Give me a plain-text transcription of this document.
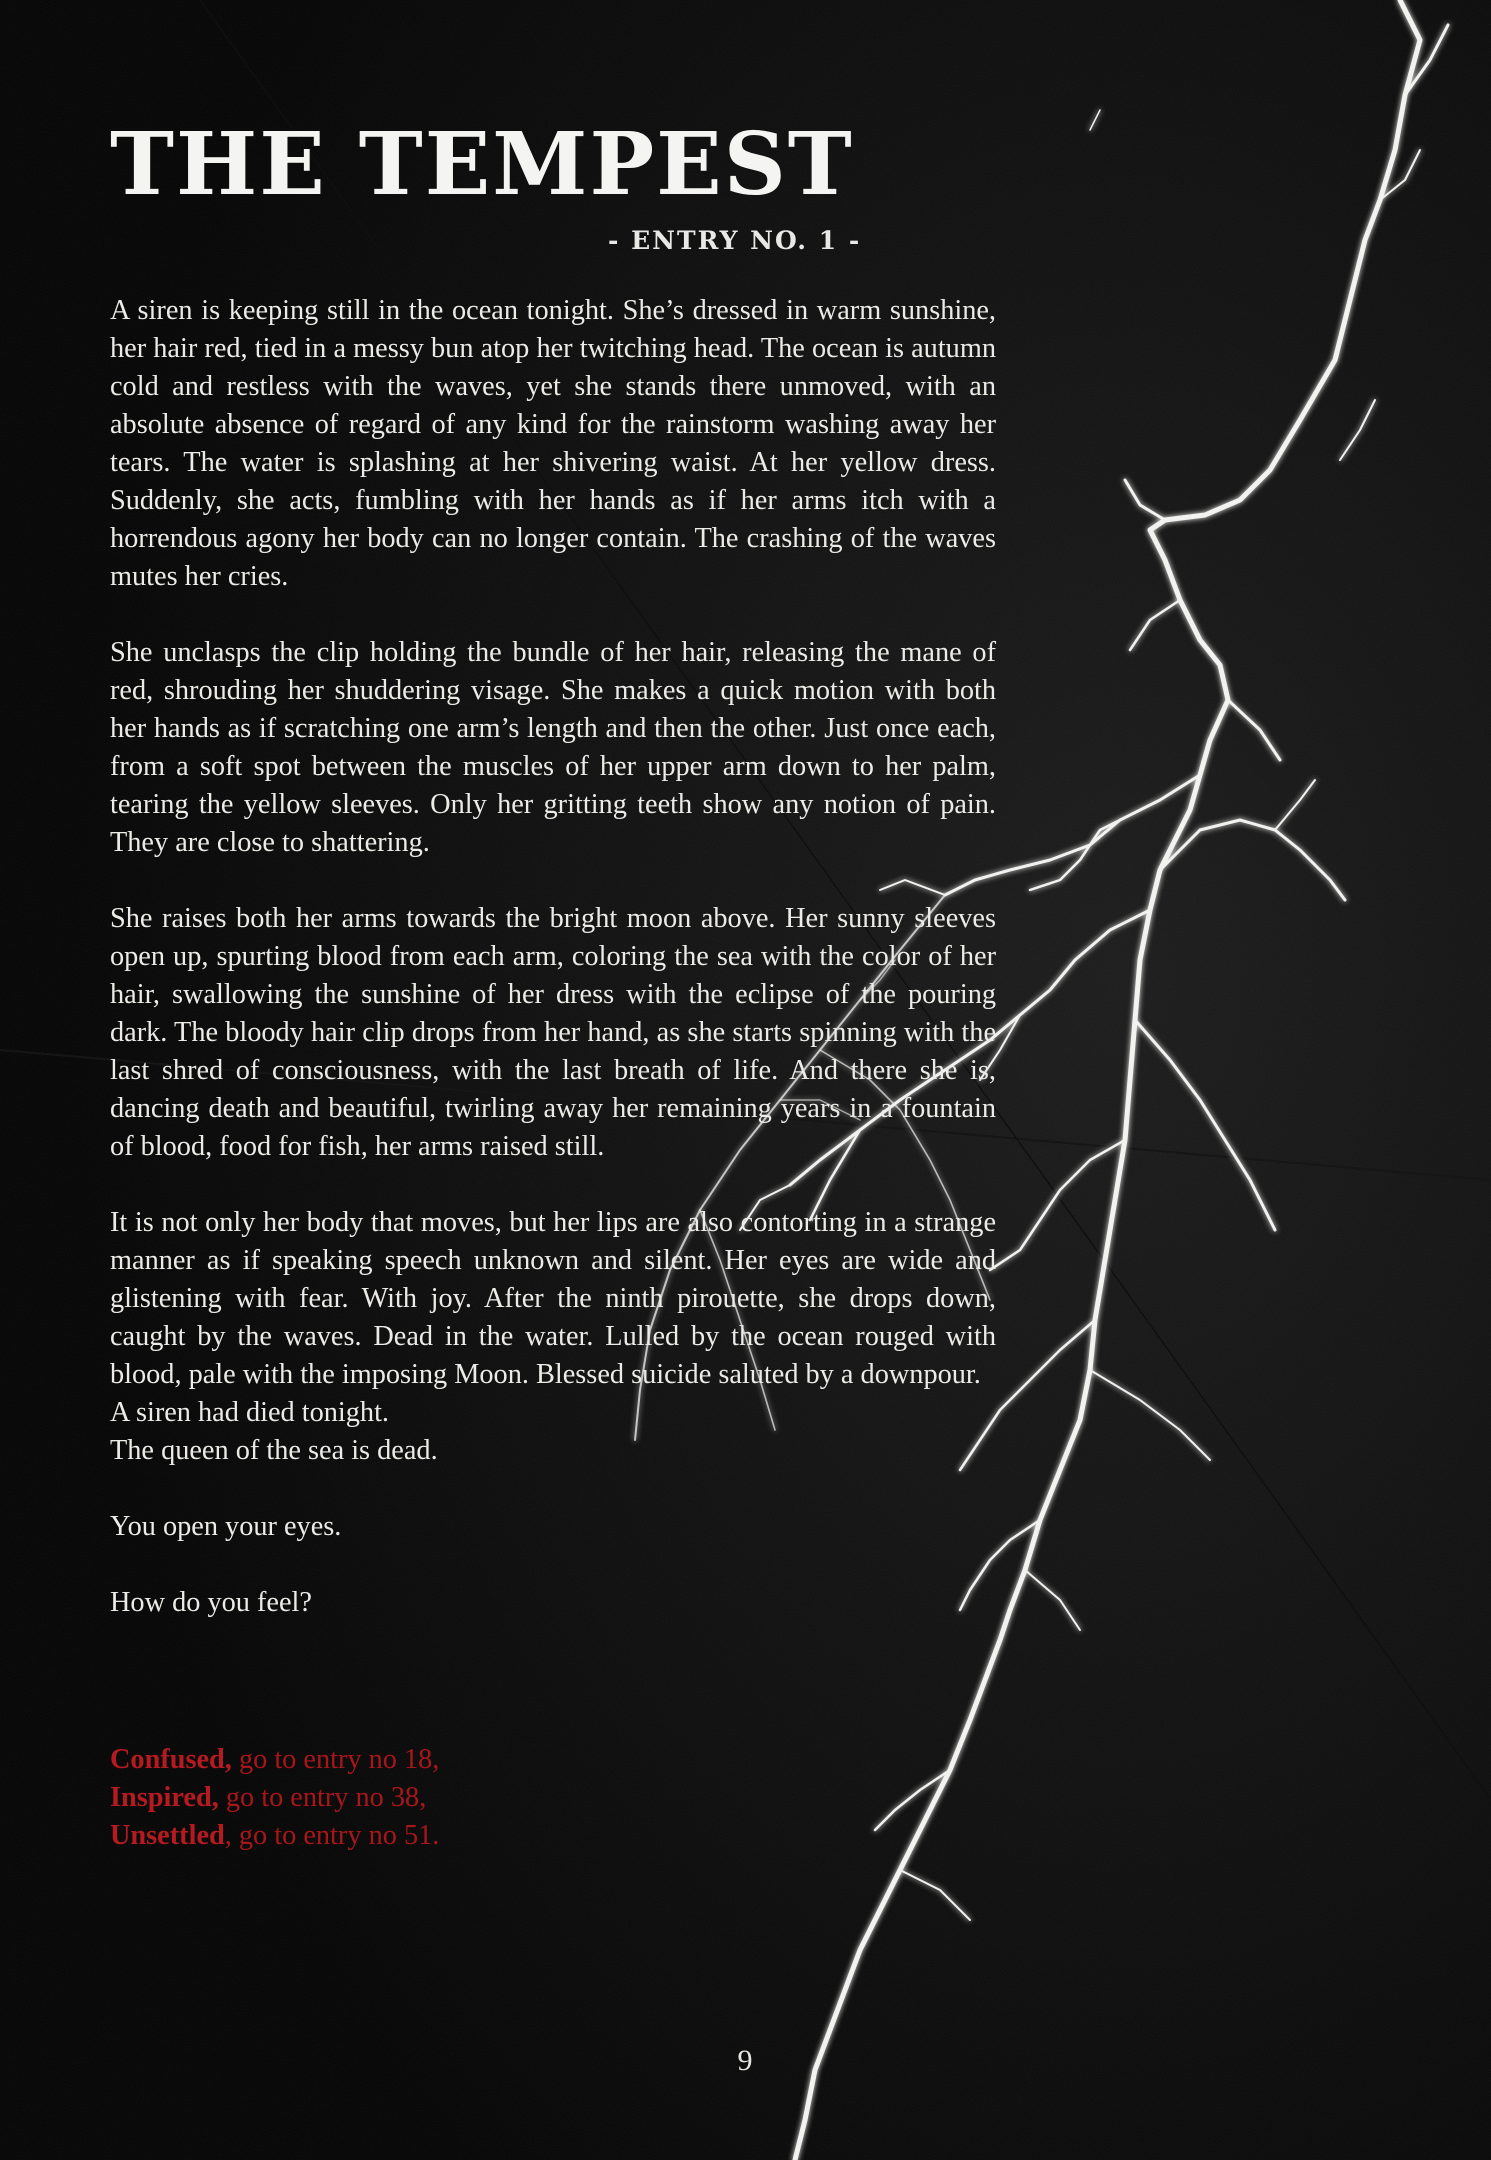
THE TEMPEST
- ENTRY NO. 1 -

A siren is keeping still in the ocean tonight. She’s dressed in warm sunshine, her hair red, tied in a messy bun atop her twitching head. The ocean is autumn cold and restless with the waves, yet she stands there unmoved, with an absolute absence of regard of any kind for the rainstorm washing away her tears. The water is splashing at her shivering waist. At her yellow dress. Suddenly, she acts, fumbling with her hands as if her arms itch with a horrendous agony her body can no longer contain. The crashing of the waves mutes her cries.

She unclasps the clip holding the bundle of her hair, releasing the mane of red, shrouding her shuddering visage. She makes a quick motion with both her hands as if scratching one arm’s length and then the other. Just once each, from a soft spot between the muscles of her upper arm down to her palm, tearing the yellow sleeves. Only her gritting teeth show any notion of pain. They are close to shattering.

She raises both her arms towards the bright moon above. Her sunny sleeves open up, spurting blood from each arm, coloring the sea with the color of her hair, swallowing the sunshine of her dress with the eclipse of the pouring dark. The bloody hair clip drops from her hand, as she starts spinning with the last shred of consciousness, with the last breath of life. And there she is, dancing death and beautiful, twirling away her remaining years in a fountain of blood, food for fish, her arms raised still.

It is not only her body that moves, but her lips are also contorting in a strange manner as if speaking speech unknown and silent. Her eyes are wide and glistening with fear. With joy. After the ninth pirouette, she drops down, caught by the waves. Dead in the water. Lulled by the ocean rouged with blood, pale with the imposing Moon. Blessed suicide saluted by a downpour.

A siren had died tonight.

The queen of the sea is dead.

You open your eyes.

How do you feel?

Confused, go to entry no 18,

Inspired, go to entry no 38,

Unsettled, go to entry no 51.

9
